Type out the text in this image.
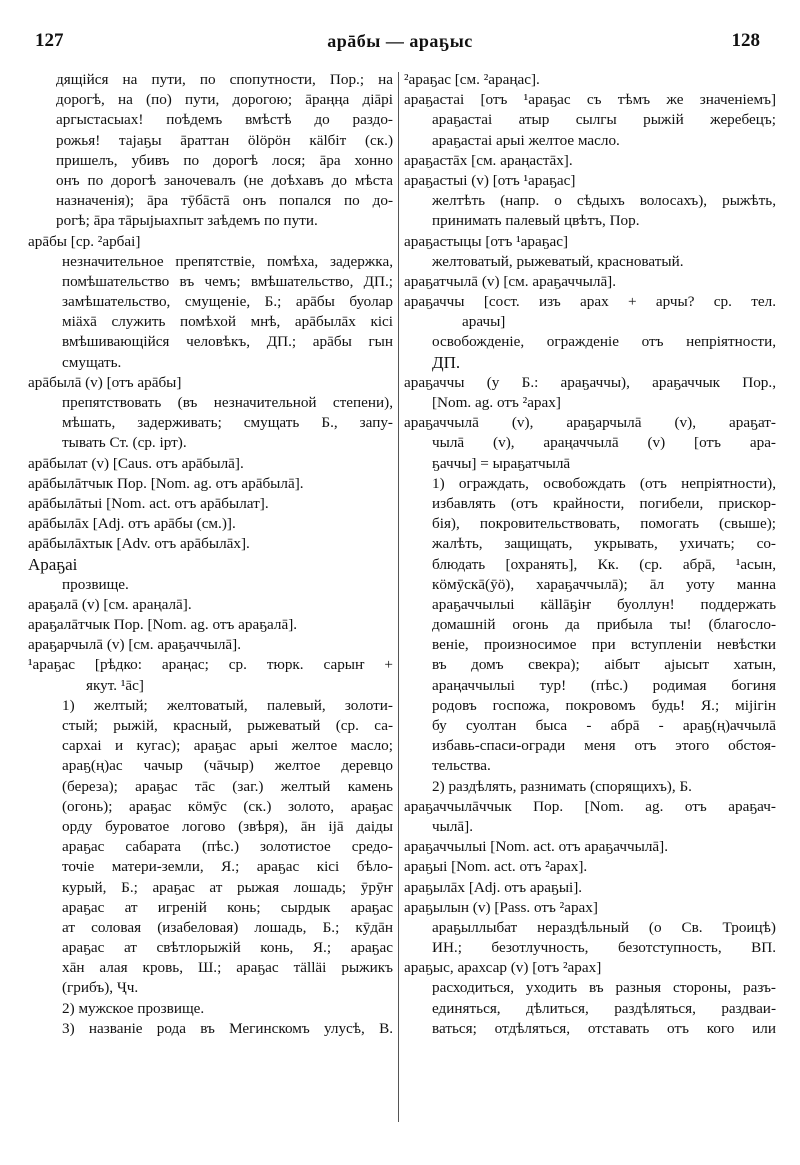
127	арāбы — араҕыс	128
дящійся на пути, по спопутности, Пор.; на
дорогѣ, на (по) пути, дорогою; āраңңа дiāрi
аргыстасыах! поѣдемъ вмѣстѣ до раздо-
рожья! таjаҕы āраттан ölöрöн кälбiт (ск.)
пришелъ, убивъ по дорогѣ лося; āра хонно
онъ по дорогѣ заночевалъ (не доѣхавъ до мѣста
назначенія); āра тӯбāстā онъ попался по до-
рогѣ; āра тāрыjыахпыт заѣдемъ по пути.
арāбы [ср. ²арбаі]
незначительное препятствіе, помѣха, задержка,
помѣшательство въ чемъ; вмѣшательство, ДП.;
замѣшательство, смущеніе, Б.; арāбы буолар
мiäхā служить помѣхой мнѣ, арāбылāх кiсi
вмѣшивающійся человѣкъ, ДП.; арāбы гын
смущать.
арāбылā (v) [отъ арāбы]
препятствовать (въ незначительной степени),
мѣшать, задерживать; смущать Б., запу-
тывать Ст. (ср. ірт).
арāбылат (v) [Caus. отъ арāбылā].
арāбылāтчык Пор. [Nom. ag. отъ арāбылā].
арāбылāтыі [Nom. act. отъ арāбылат].
арāбылāх [Adj. отъ арāбы (см.)].
арāбылāхтык [Adv. отъ арāбылāх].
Араҕаі
прозвище.
араҕалā (v) [см. араңалā].
араҕалāтчык Пор. [Nom. ag. отъ араҕалā].
араҕарчылā (v) [см. араҕаччылā].
¹араҕас [рѣдко: араңас; ср. тюрк. сарыҥ +
якут. ¹āс]
1) желтый; желтоватый, палевый, золоти-
стый; рыжій, красный, рыжеватый (ср. са-
сархаі и кугас); араҕас арыі желтое масло;
араҕ(ң)ас чачыр (чāчыр) желтое деревцо
(береза); араҕас тāс (заг.) желтый камень
(огонь); араҕас кöмӯс (ск.) золото, араҕас
орду буроватое логово (звѣря), āн ijā даіды
араҕас сабарата (пѣс.) золотистое средо-
точіе матери-земли, Я.; араҕас кiсi бѣло-
курый, Б.; араҕас ат рыжая лошадь; ӯрӯҥ
араҕас ат игреній конь; сырдык араҕас
ат соловая (изабеловая) лошадь, Б.; кӯдāн
араҕас ат свѣтлорыжій конь, Я.; араҕас
хāн алая кровь, Ш.; араҕас тälläi рыжикъ
(грибъ), Ҷч.
2) мужское прозвище.
3) названіе рода въ Мегинскомъ улусѣ, В.
²араҕас [см. ²араңас].
араҕастаі [отъ ¹араҕас съ тѣмъ же значеніемъ]
араҕастаі атыр сылгы рыжій жеребецъ;
араҕастаі арыі желтое масло.
араҕастāх [см. араңастāх].
араҕастыі (v) [отъ ¹араҕас]
желтѣть (напр. о сѣдыхъ волосахъ), рыжѣть,
принимать палевый цвѣтъ, Пор.
араҕастыцы [отъ ¹араҕас]
желтоватый, рыжеватый, красноватый.
араҕатчылā (v) [см. араҕаччылā].
араҕаччы [сост. изъ арах + арчы? ср. тел.
арачы]
освобожденіе, огражденіе отъ непріятности,
ДП.
араҕаччы (у Б.: араҕаччы), араҕаччык Пор.,
[Nom. ag. отъ ²арах]
араҕаччылā (v), араҕарчылā (v), араҕат-
чылā (v), араңаччылā (v) [отъ ара-
ҕаччы] = ыраҕатчылā
1) ограждать, освобождать (отъ непріятности),
избавлять (отъ крайности, погибели, прискор-
бія), покровительствовать, помогать (свыше);
жалѣть, защищать, укрывать, ухичать; со-
блюдать [охранять], Кк. (ср. абрā, ¹асын,
кöмӯскā(ӯö), хараҕаччылā); āл уоту манна
араҕаччылыі кällāҕiҥ буоллун! поддержать
домашній огонь да прибыла ты! (благосло-
веніе, произносимое при вступленіи невѣстки
въ домъ свекра); аібыт аjысыт хатын,
араңаччылыі тур! (пѣс.) родимая богиня
родовъ госпожа, покровомъ будь! Я.; мiјiгiн
бу суолтан быса - абрā - араҕ(ң)аччылā
избавь-спаси-огради меня отъ этого обстоя-
тельства.
2) раздѣлять, разнимать (спорящихъ), Б.
араҕаччылāччык Пор. [Nom. ag. отъ араҕач-
чылā].
араҕаччылыі [Nom. act. отъ араҕаччылā].
араҕыі [Nom. act. отъ ²арах].
араҕылāх [Adj. отъ араҕыі].
араҕылын (v) [Pass. отъ ²арах]
араҕыллыбат нераздѣльный (о Св. Троицѣ)
ИН.; безотлучность, безотступность, ВП.
араҕыс, арахсар (v) [отъ ²арах]
расходиться, уходить въ разныя стороны, разъ-
единяться, дѣлиться, раздѣляться, раздваи-
ваться; отдѣляться, отставать отъ кого или
